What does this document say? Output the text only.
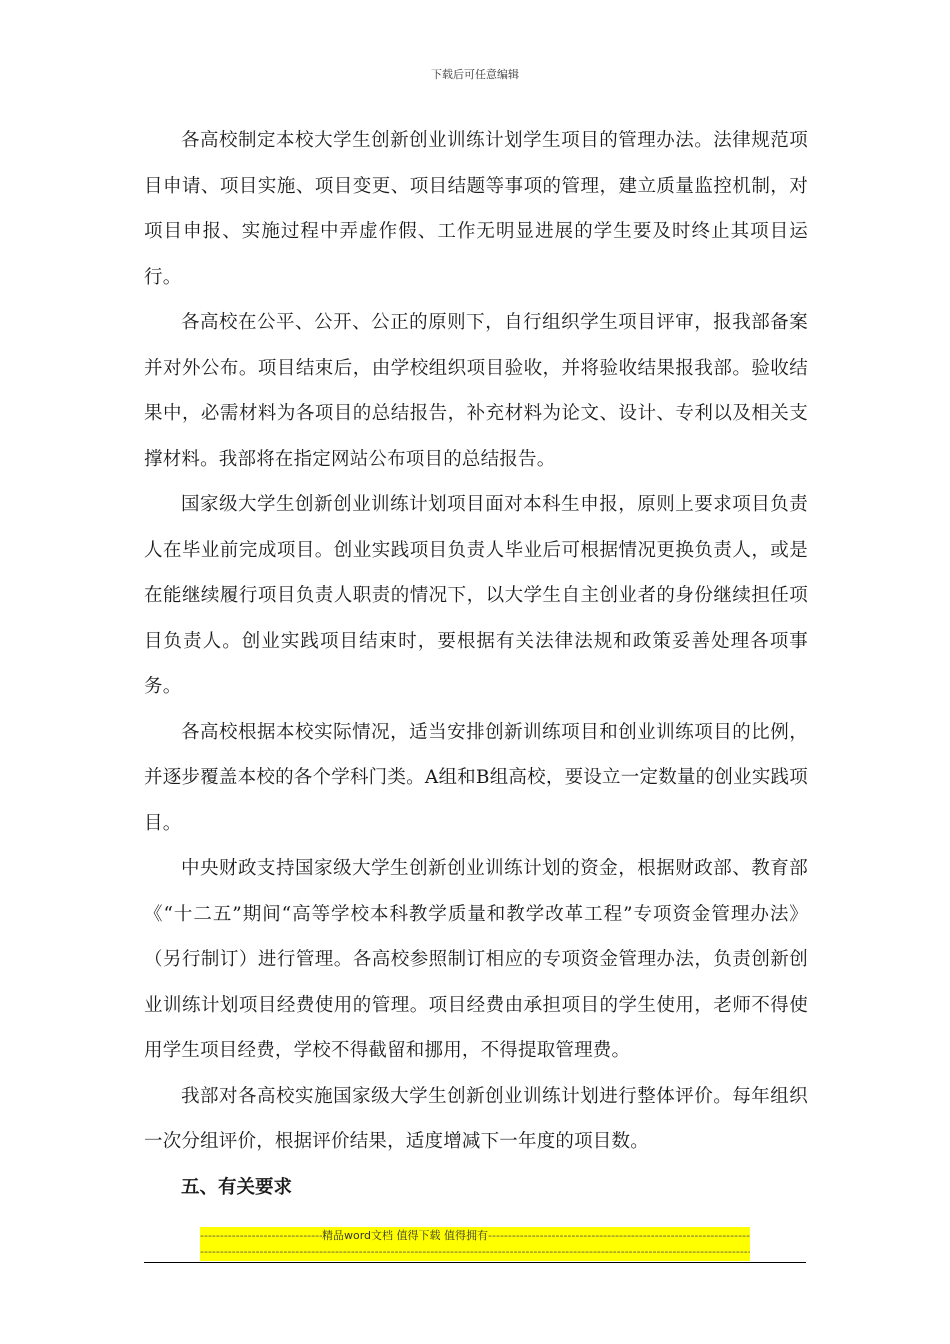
下载后可任意编辑

各高校制定本校大学生创新创业训练计划学生项目的管理办法。法律规范项目申请、项目实施、项目变更、项目结题等事项的管理，建立质量监控机制，对项目申报、实施过程中弄虚作假、工作无明显进展的学生要及时终止其项目运行。

各高校在公平、公开、公正的原则下，自行组织学生项目评审，报我部备案并对外公布。项目结束后，由学校组织项目验收，并将验收结果报我部。验收结果中，必需材料为各项目的总结报告，补充材料为论文、设计、专利以及相关支撑材料。我部将在指定网站公布项目的总结报告。

国家级大学生创新创业训练计划项目面对本科生申报，原则上要求项目负责人在毕业前完成项目。创业实践项目负责人毕业后可根据情况更换负责人，或是在能继续履行项目负责人职责的情况下，以大学生自主创业者的身份继续担任项目负责人。创业实践项目结束时，要根据有关法律法规和政策妥善处理各项事务。

各高校根据本校实际情况，适当安排创新训练项目和创业训练项目的比例，并逐步覆盖本校的各个学科门类。A组和B组高校，要设立一定数量的创业实践项目。

中央财政支持国家级大学生创新创业训练计划的资金，根据财政部、教育部《“十二五”期间“高等学校本科教学质量和教学改革工程”专项资金管理办法》（另行制订）进行管理。各高校参照制订相应的专项资金管理办法，负责创新创业训练计划项目经费使用的管理。项目经费由承担项目的学生使用，老师不得使用学生项目经费，学校不得截留和挪用，不得提取管理费。

我部对各高校实施国家级大学生创新创业训练计划进行整体评价。每年组织一次分组评价，根据评价结果，适度增减下一年度的项目数。

五、有关要求

-----
精品word文档 值得下载 值得拥有
-----
-----
